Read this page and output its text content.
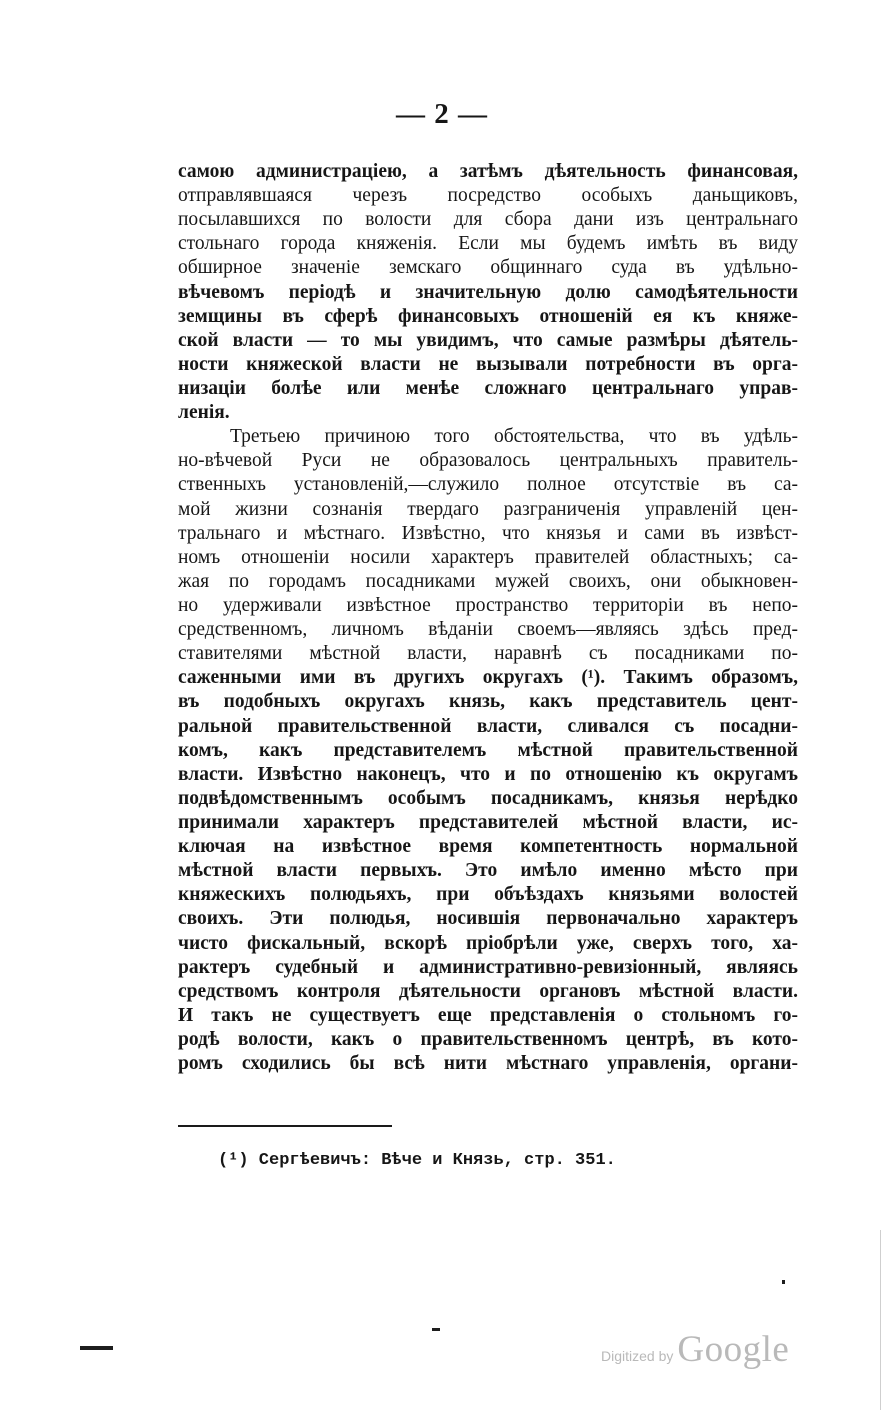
— 2 —
самою администраціею, а затѣмъ дѣятельность финансовая,
отправлявшаяся черезъ посредство особыхъ даньщиковъ,
посылавшихся по волости для сбора дани изъ центральнаго
стольнаго города княженія. Если мы будемъ имѣть въ виду
обширное значеніе земскаго общиннаго суда въ удѣльно-
вѣчевомъ періодѣ и значительную долю самодѣятельности
земщины въ сферѣ финансовыхъ отношеній ея къ княже-
ской власти — то мы увидимъ, что самые размѣры дѣятель-
ности княжеской власти не вызывали потребности въ орга-
низаціи болѣе или менѣе сложнаго центральнаго управ-
ленія.
Третьею причиною того обстоятельства, что въ удѣль-
но-вѣчевой Руси не образовалось центральныхъ правитель-
ственныхъ установленій,—служило полное отсутствіе въ са-
мой жизни сознанія твердаго разграниченія управленій цен-
тральнаго и мѣстнаго. Извѣстно, что князья и сами въ извѣст-
номъ отношеніи носили характеръ правителей областныхъ; са-
жая по городамъ посадниками мужей своихъ, они обыкновен-
но удерживали извѣстное пространство территоріи въ непо-
средственномъ, личномъ вѣданіи своемъ—являясь здѣсь пред-
ставителями мѣстной власти, наравнѣ съ посадниками по-
саженными ими въ другихъ округахъ (¹). Такимъ образомъ,
въ подобныхъ округахъ князь, какъ представитель цент-
ральной правительственной власти, сливался съ посадни-
комъ, какъ представителемъ мѣстной правительственной
власти. Извѣстно наконецъ, что и по отношенію къ округамъ
подвѣдомственнымъ особымъ посадникамъ, князья нерѣдко
принимали характеръ представителей мѣстной власти, ис-
ключая на извѣстное время компетентность нормальной
мѣстной власти первыхъ. Это имѣло именно мѣсто при
княжескихъ полюдьяхъ, при объѣздахъ князьями волостей
своихъ. Эти полюдья, носившія первоначально характеръ
чисто фискальный, вскорѣ пріобрѣли уже, сверхъ того, ха-
рактеръ судебный и административно-ревизіонный, являясь
средствомъ контроля дѣятельности органовъ мѣстной власти.
И такъ не существуетъ еще представленія о стольномъ го-
родѣ волости, какъ о правительственномъ центрѣ, въ кото-
ромъ сходились бы всѣ нити мѣстнаго управленія, органи-
(¹) Сергѣевичъ: Вѣче и Князь, стр. 351.
Digitized by Google
